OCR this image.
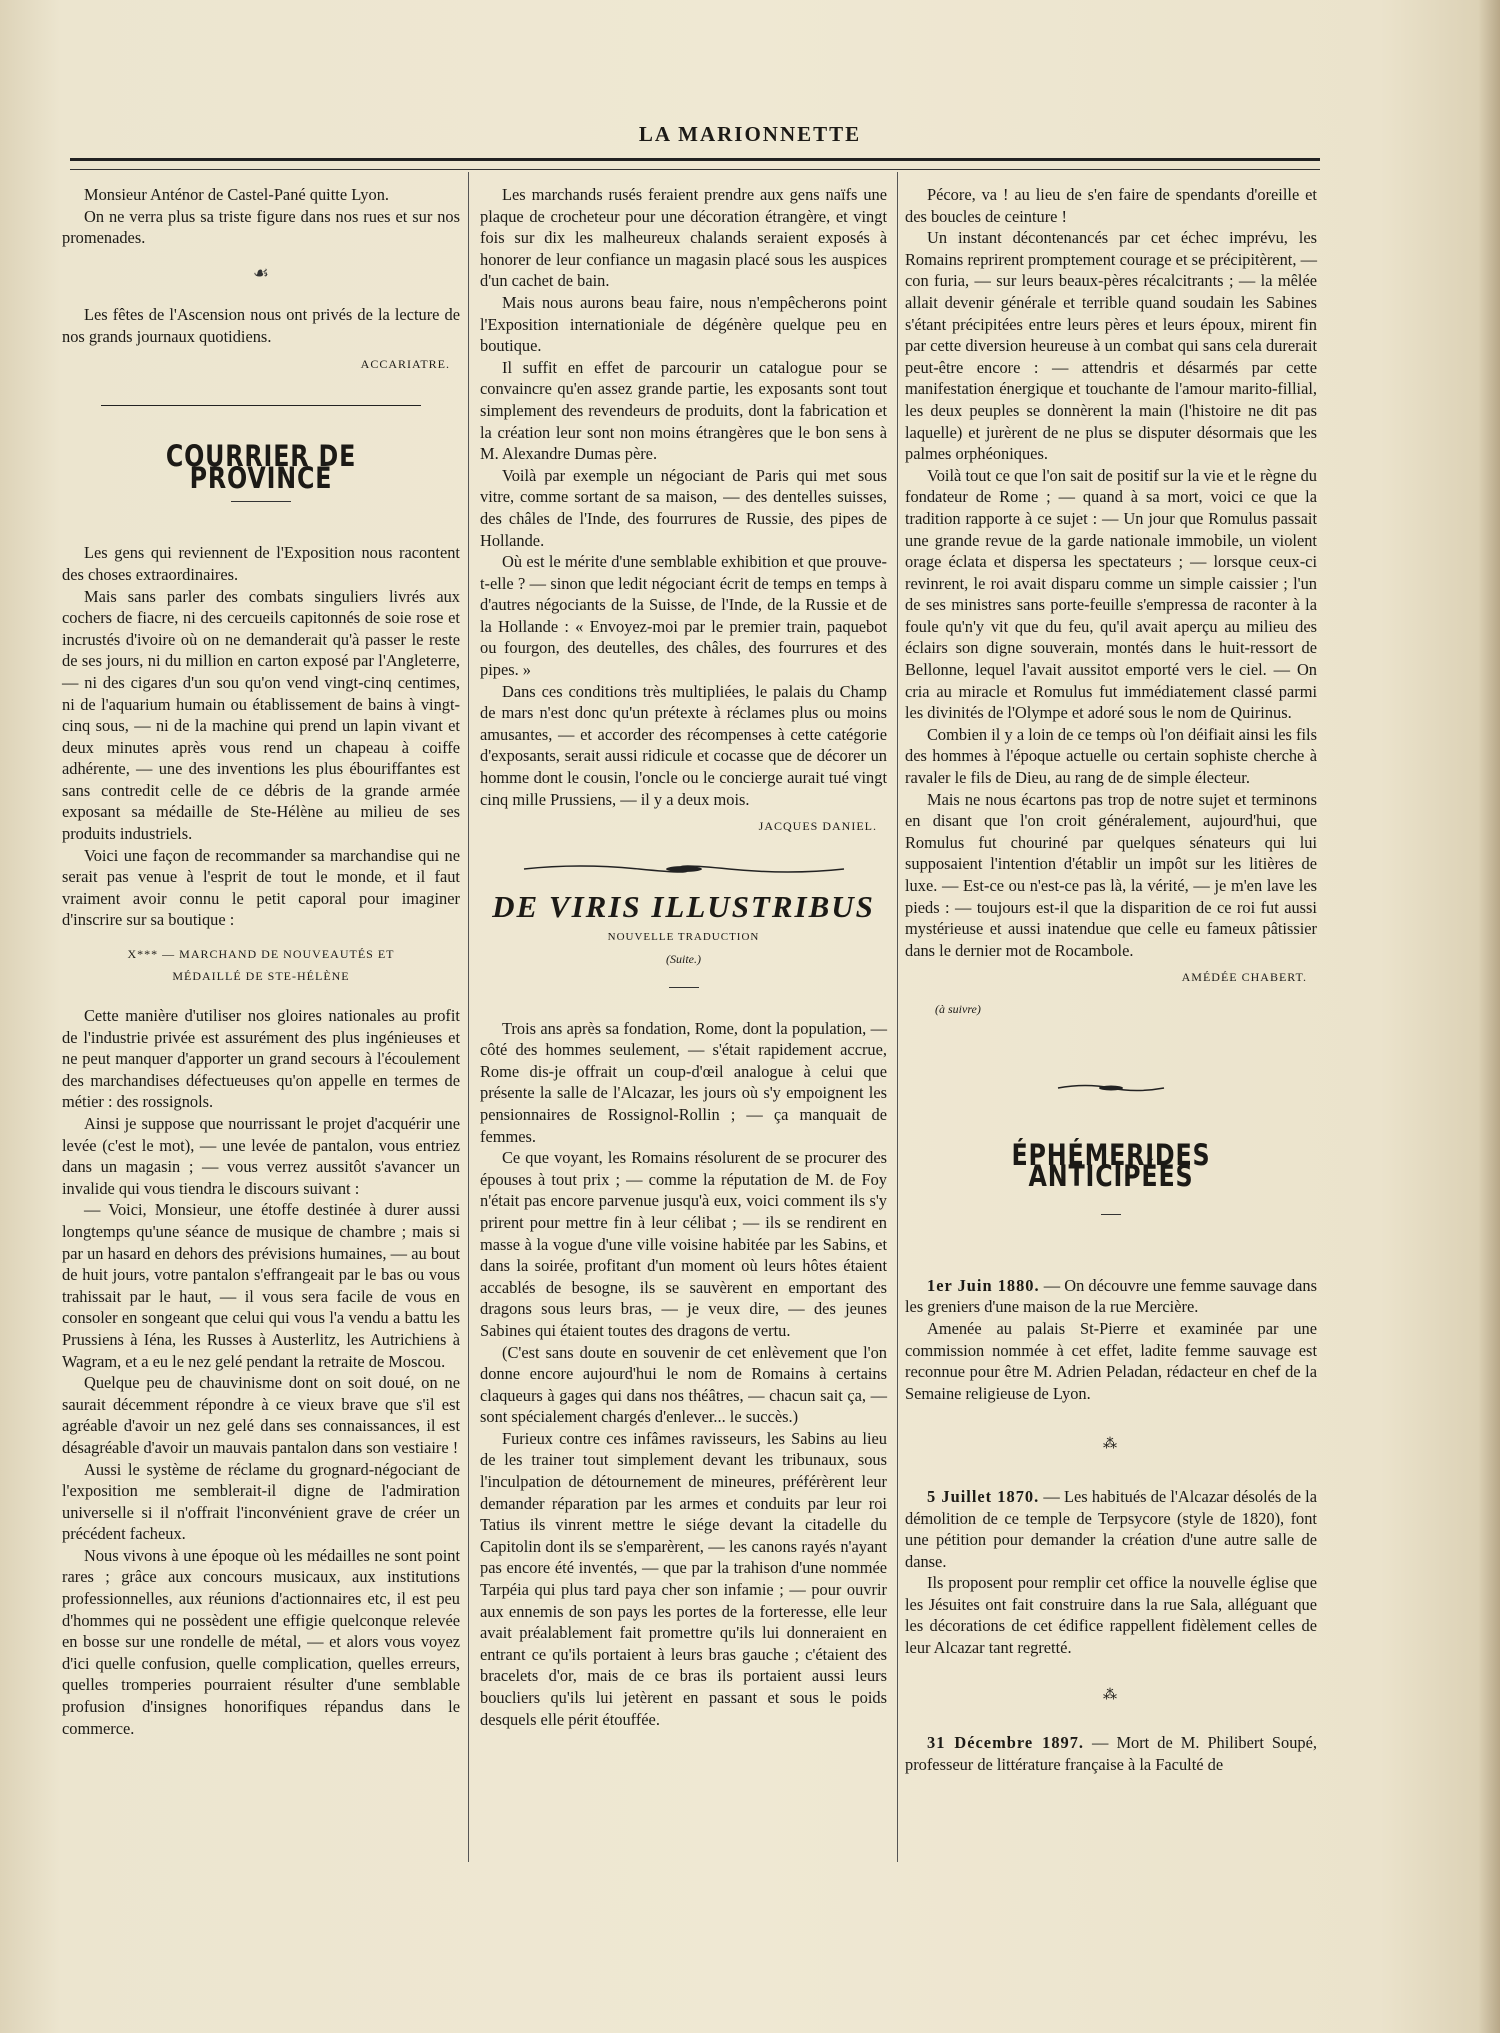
LA MARIONNETTE

Monsieur Anténor de Castel-Pané quitte Lyon.

On ne verra plus sa triste figure dans nos rues et sur nos promenades.

☙

Les fêtes de l'Ascension nous ont privés de la lecture de nos grands journaux quotidiens.

ACCARIATRE.
COURRIER DE PROVINCE

Les gens qui reviennent de l'Exposition nous racontent des choses extraordinaires.

Mais sans parler des combats singuliers livrés aux cochers de fiacre, ni des cercueils capitonnés de soie rose et incrustés d'ivoire où on ne demanderait qu'à passer le reste de ses jours, ni du million en carton exposé par l'Angleterre, — ni des cigares d'un sou qu'on vend vingt-cinq centimes, ni de l'aquarium humain ou établissement de bains à vingt-cinq sous, — ni de la machine qui prend un lapin vivant et deux minutes après vous rend un chapeau à coiffe adhérente, — une des inventions les plus ébouriffantes est sans contredit celle de ce débris de la grande armée exposant sa médaille de Ste-Hélène au milieu de ses produits industriels.

Voici une façon de recommander sa marchandise qui ne serait pas venue à l'esprit de tout le monde, et il faut vraiment avoir connu le petit caporal pour imaginer d'inscrire sur sa boutique :

X*** — MARCHAND DE NOUVEAUTÉS ET
MÉDAILLÉ DE STE-HÉLÈNE

Cette manière d'utiliser nos gloires nationales au profit de l'industrie privée est assurément des plus ingénieuses et ne peut manquer d'apporter un grand secours à l'écoulement des marchandises défectueuses qu'on appelle en termes de métier : des rossignols.

Ainsi je suppose que nourrissant le projet d'acquérir une levée (c'est le mot), — une levée de pantalon, vous entriez dans un magasin ; — vous verrez aussitôt s'avancer un invalide qui vous tiendra le discours suivant :

— Voici, Monsieur, une étoffe destinée à durer aussi longtemps qu'une séance de musique de chambre ; mais si par un hasard en dehors des prévisions humaines, — au bout de huit jours, votre pantalon s'effrangeait par le bas ou vous trahissait par le haut, — il vous sera facile de vous en consoler en songeant que celui qui vous l'a vendu a battu les Prussiens à Iéna, les Russes à Austerlitz, les Autrichiens à Wagram, et a eu le nez gelé pendant la retraite de Moscou.

Quelque peu de chauvinisme dont on soit doué, on ne saurait décemment répondre à ce vieux brave que s'il est agréable d'avoir un nez gelé dans ses connaissances, il est désagréable d'avoir un mauvais pantalon dans son vestiaire !

Aussi le système de réclame du grognard-négociant de l'exposition me semblerait-il digne de l'admiration universelle si il n'offrait l'inconvénient grave de créer un précédent facheux.

Nous vivons à une époque où les médailles ne sont point rares ; grâce aux concours musicaux, aux institutions professionnelles, aux réunions d'actionnaires etc, il est peu d'hommes qui ne possèdent une effigie quelconque relevée en bosse sur une rondelle de métal, — et alors vous voyez d'ici quelle confusion, quelle complication, quelles erreurs, quelles tromperies pourraient résulter d'une semblable profusion d'insignes honorifiques répandus dans le commerce.

Les marchands rusés feraient prendre aux gens naïfs une plaque de crocheteur pour une décoration étrangère, et vingt fois sur dix les malheureux chalands seraient exposés à honorer de leur confiance un magasin placé sous les auspices d'un cachet de bain.

Mais nous aurons beau faire, nous n'empêcherons point l'Exposition internationiale de dégénère quelque peu en boutique.

Il suffit en effet de parcourir un catalogue pour se convaincre qu'en assez grande partie, les exposants sont tout simplement des revendeurs de produits, dont la fabrication et la création leur sont non moins étrangères que le bon sens à M. Alexandre Dumas père.

Voilà par exemple un négociant de Paris qui met sous vitre, comme sortant de sa maison, — des dentelles suisses, des châles de l'Inde, des fourrures de Russie, des pipes de Hollande.

Où est le mérite d'une semblable exhibition et que prouve-t-elle ? — sinon que ledit négociant écrit de temps en temps à d'autres négociants de la Suisse, de l'Inde, de la Russie et de la Hollande : « Envoyez-moi par le premier train, paquebot ou fourgon, des deutelles, des châles, des fourrures et des pipes. »

Dans ces conditions très multipliées, le palais du Champ de mars n'est donc qu'un prétexte à réclames plus ou moins amusantes, — et accorder des récompenses à cette catégorie d'exposants, serait aussi ridicule et cocasse que de décorer un homme dont le cousin, l'oncle ou le concierge aurait tué vingt cinq mille Prussiens, — il y a deux mois.

JACQUES DANIEL.
DE VIRIS ILLUSTRIBUS
NOUVELLE TRADUCTION
(Suite.)

Trois ans après sa fondation, Rome, dont la population, — côté des hommes seulement, — s'était rapidement accrue, Rome dis-je offrait un coup-d'œil analogue à celui que présente la salle de l'Alcazar, les jours où s'y empoignent les pensionnaires de Rossignol-Rollin ; — ça manquait de femmes.

Ce que voyant, les Romains résolurent de se procurer des épouses à tout prix ; — comme la réputation de M. de Foy n'était pas encore parvenue jusqu'à eux, voici comment ils s'y prirent pour mettre fin à leur célibat ; — ils se rendirent en masse à la vogue d'une ville voisine habitée par les Sabins, et dans la soirée, profitant d'un moment où leurs hôtes étaient accablés de besogne, ils se sauvèrent en emportant des dragons sous leurs bras, — je veux dire, — des jeunes Sabines qui étaient toutes des dragons de vertu.

(C'est sans doute en souvenir de cet enlèvement que l'on donne encore aujourd'hui le nom de Romains à certains claqueurs à gages qui dans nos théâtres, — chacun sait ça, — sont spécialement chargés d'enlever... le succès.)

Furieux contre ces infâmes ravisseurs, les Sabins au lieu de les trainer tout simplement devant les tribunaux, sous l'inculpation de détournement de mineures, préférèrent leur demander réparation par les armes et conduits par leur roi Tatius ils vinrent mettre le siége devant la citadelle du Capitolin dont ils se s'emparèrent, — les canons rayés n'ayant pas encore été inventés, — que par la trahison d'une nommée Tarpéia qui plus tard paya cher son infamie ; — pour ouvrir aux ennemis de son pays les portes de la forteresse, elle leur avait préalablement fait promettre qu'ils lui donneraient en entrant ce qu'ils portaient à leurs bras gauche ; c'étaient des bracelets d'or, mais de ce bras ils portaient aussi leurs boucliers qu'ils lui jetèrent en passant et sous le poids desquels elle périt étouffée.

Pécore, va ! au lieu de s'en faire de spendants d'oreille et des boucles de ceinture !

Un instant décontenancés par cet échec imprévu, les Romains reprirent promptement courage et se précipitèrent, — con furia, — sur leurs beaux-pères récalcitrants ; — la mêlée allait devenir générale et terrible quand soudain les Sabines s'étant précipitées entre leurs pères et leurs époux, mirent fin par cette diversion heureuse à un combat qui sans cela durerait peut-être encore : — attendris et désarmés par cette manifestation énergique et touchante de l'amour marito-fillial, les deux peuples se donnèrent la main (l'histoire ne dit pas laquelle) et jurèrent de ne plus se disputer désormais que les palmes orphéoniques.

Voilà tout ce que l'on sait de positif sur la vie et le règne du fondateur de Rome ; — quand à sa mort, voici ce que la tradition rapporte à ce sujet : — Un jour que Romulus passait une grande revue de la garde nationale immobile, un violent orage éclata et dispersa les spectateurs ; — lorsque ceux-ci revinrent, le roi avait disparu comme un simple caissier ; l'un de ses ministres sans porte-feuille s'empressa de raconter à la foule qu'n'y vit que du feu, qu'il avait aperçu au milieu des éclairs son digne souverain, montés dans le huit-ressort de Bellonne, lequel l'avait aussitot emporté vers le ciel. — On cria au miracle et Romulus fut immédiatement classé parmi les divinités de l'Olympe et adoré sous le nom de Quirinus.

Combien il y a loin de ce temps où l'on déifiait ainsi les fils des hommes à l'époque actuelle ou certain sophiste cherche à ravaler le fils de Dieu, au rang de de simple électeur.

Mais ne nous écartons pas trop de notre sujet et terminons en disant que l'on croit généralement, aujourd'hui, que Romulus fut chouriné par quelques sénateurs qui lui supposaient l'intention d'établir un impôt sur les litières de luxe. — Est-ce ou n'est-ce pas là, la vérité, — je m'en lave les pieds : — toujours est-il que la disparition de ce roi fut aussi mystérieuse et aussi inatendue que celle eu fameux pâtissier dans le dernier mot de Rocambole.

AMÉDÉE CHABERT.
(à suivre)
ÉPHÉMERIDES ANTICIPÉES

1er Juin 1880. — On découvre une femme sauvage dans les greniers d'une maison de la rue Mercière.

Amenée au palais St-Pierre et examinée par une commission nommée à cet effet, ladite femme sauvage est reconnue pour être M. Adrien Peladan, rédacteur en chef de la Semaine religieuse de Lyon.

⁂

5 Juillet 1870. — Les habitués de l'Alcazar désolés de la démolition de ce temple de Terpsycore (style de 1820), font une pétition pour demander la création d'une autre salle de danse.

Ils proposent pour remplir cet office la nouvelle église que les Jésuites ont fait construire dans la rue Sala, alléguant que les décorations de cet édifice rappellent fidèlement celles de leur Alcazar tant regretté.

⁂

31 Décembre 1897. — Mort de M. Philibert Soupé, professeur de littérature française à la Faculté de
